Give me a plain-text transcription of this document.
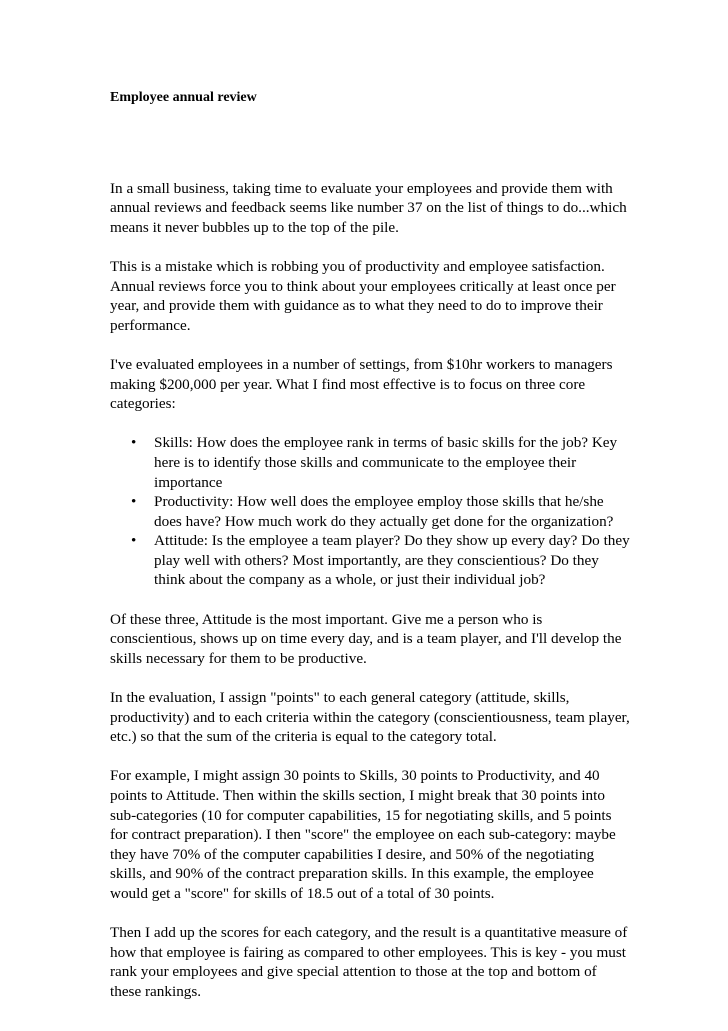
Employee annual review

In a small business, taking time to evaluate your employees and provide them with annual reviews and feedback seems like number 37 on the list of things to do...which means it never bubbles up to the top of the pile.

This is a mistake which is robbing you of productivity and employee satisfaction. Annual reviews force you to think about your employees critically at least once per year, and provide them with guidance as to what they need to do to improve their performance.

I've evaluated employees in a number of settings, from $10hr workers to managers making $200,000 per year. What I find most effective is to focus on three core categories:

• Skills: How does the employee rank in terms of basic skills for the job? Key here is to identify those skills and communicate to the employee their importance
• Productivity: How well does the employee employ those skills that he/she does have? How much work do they actually get done for the organization?
• Attitude: Is the employee a team player? Do they show up every day? Do they play well with others? Most importantly, are they conscientious? Do they think about the company as a whole, or just their individual job?

Of these three, Attitude is the most important. Give me a person who is conscientious, shows up on time every day, and is a team player, and I'll develop the skills necessary for them to be productive.

In the evaluation, I assign "points" to each general category (attitude, skills, productivity) and to each criteria within the category (conscientiousness, team player, etc.) so that the sum of the criteria is equal to the category total.

For example, I might assign 30 points to Skills, 30 points to Productivity, and 40 points to Attitude. Then within the skills section, I might break that 30 points into sub-categories (10 for computer capabilities, 15 for negotiating skills, and 5 points for contract preparation). I then "score" the employee on each sub-category: maybe they have 70% of the computer capabilities I desire, and 50% of the negotiating skills, and 90% of the contract preparation skills. In this example, the employee would get a "score" for skills of 18.5 out of a total of 30 points.

Then I add up the scores for each category, and the result is a quantitative measure of how that employee is fairing as compared to other employees. This is key - you must rank your employees and give special attention to those at the top and bottom of these rankings.
